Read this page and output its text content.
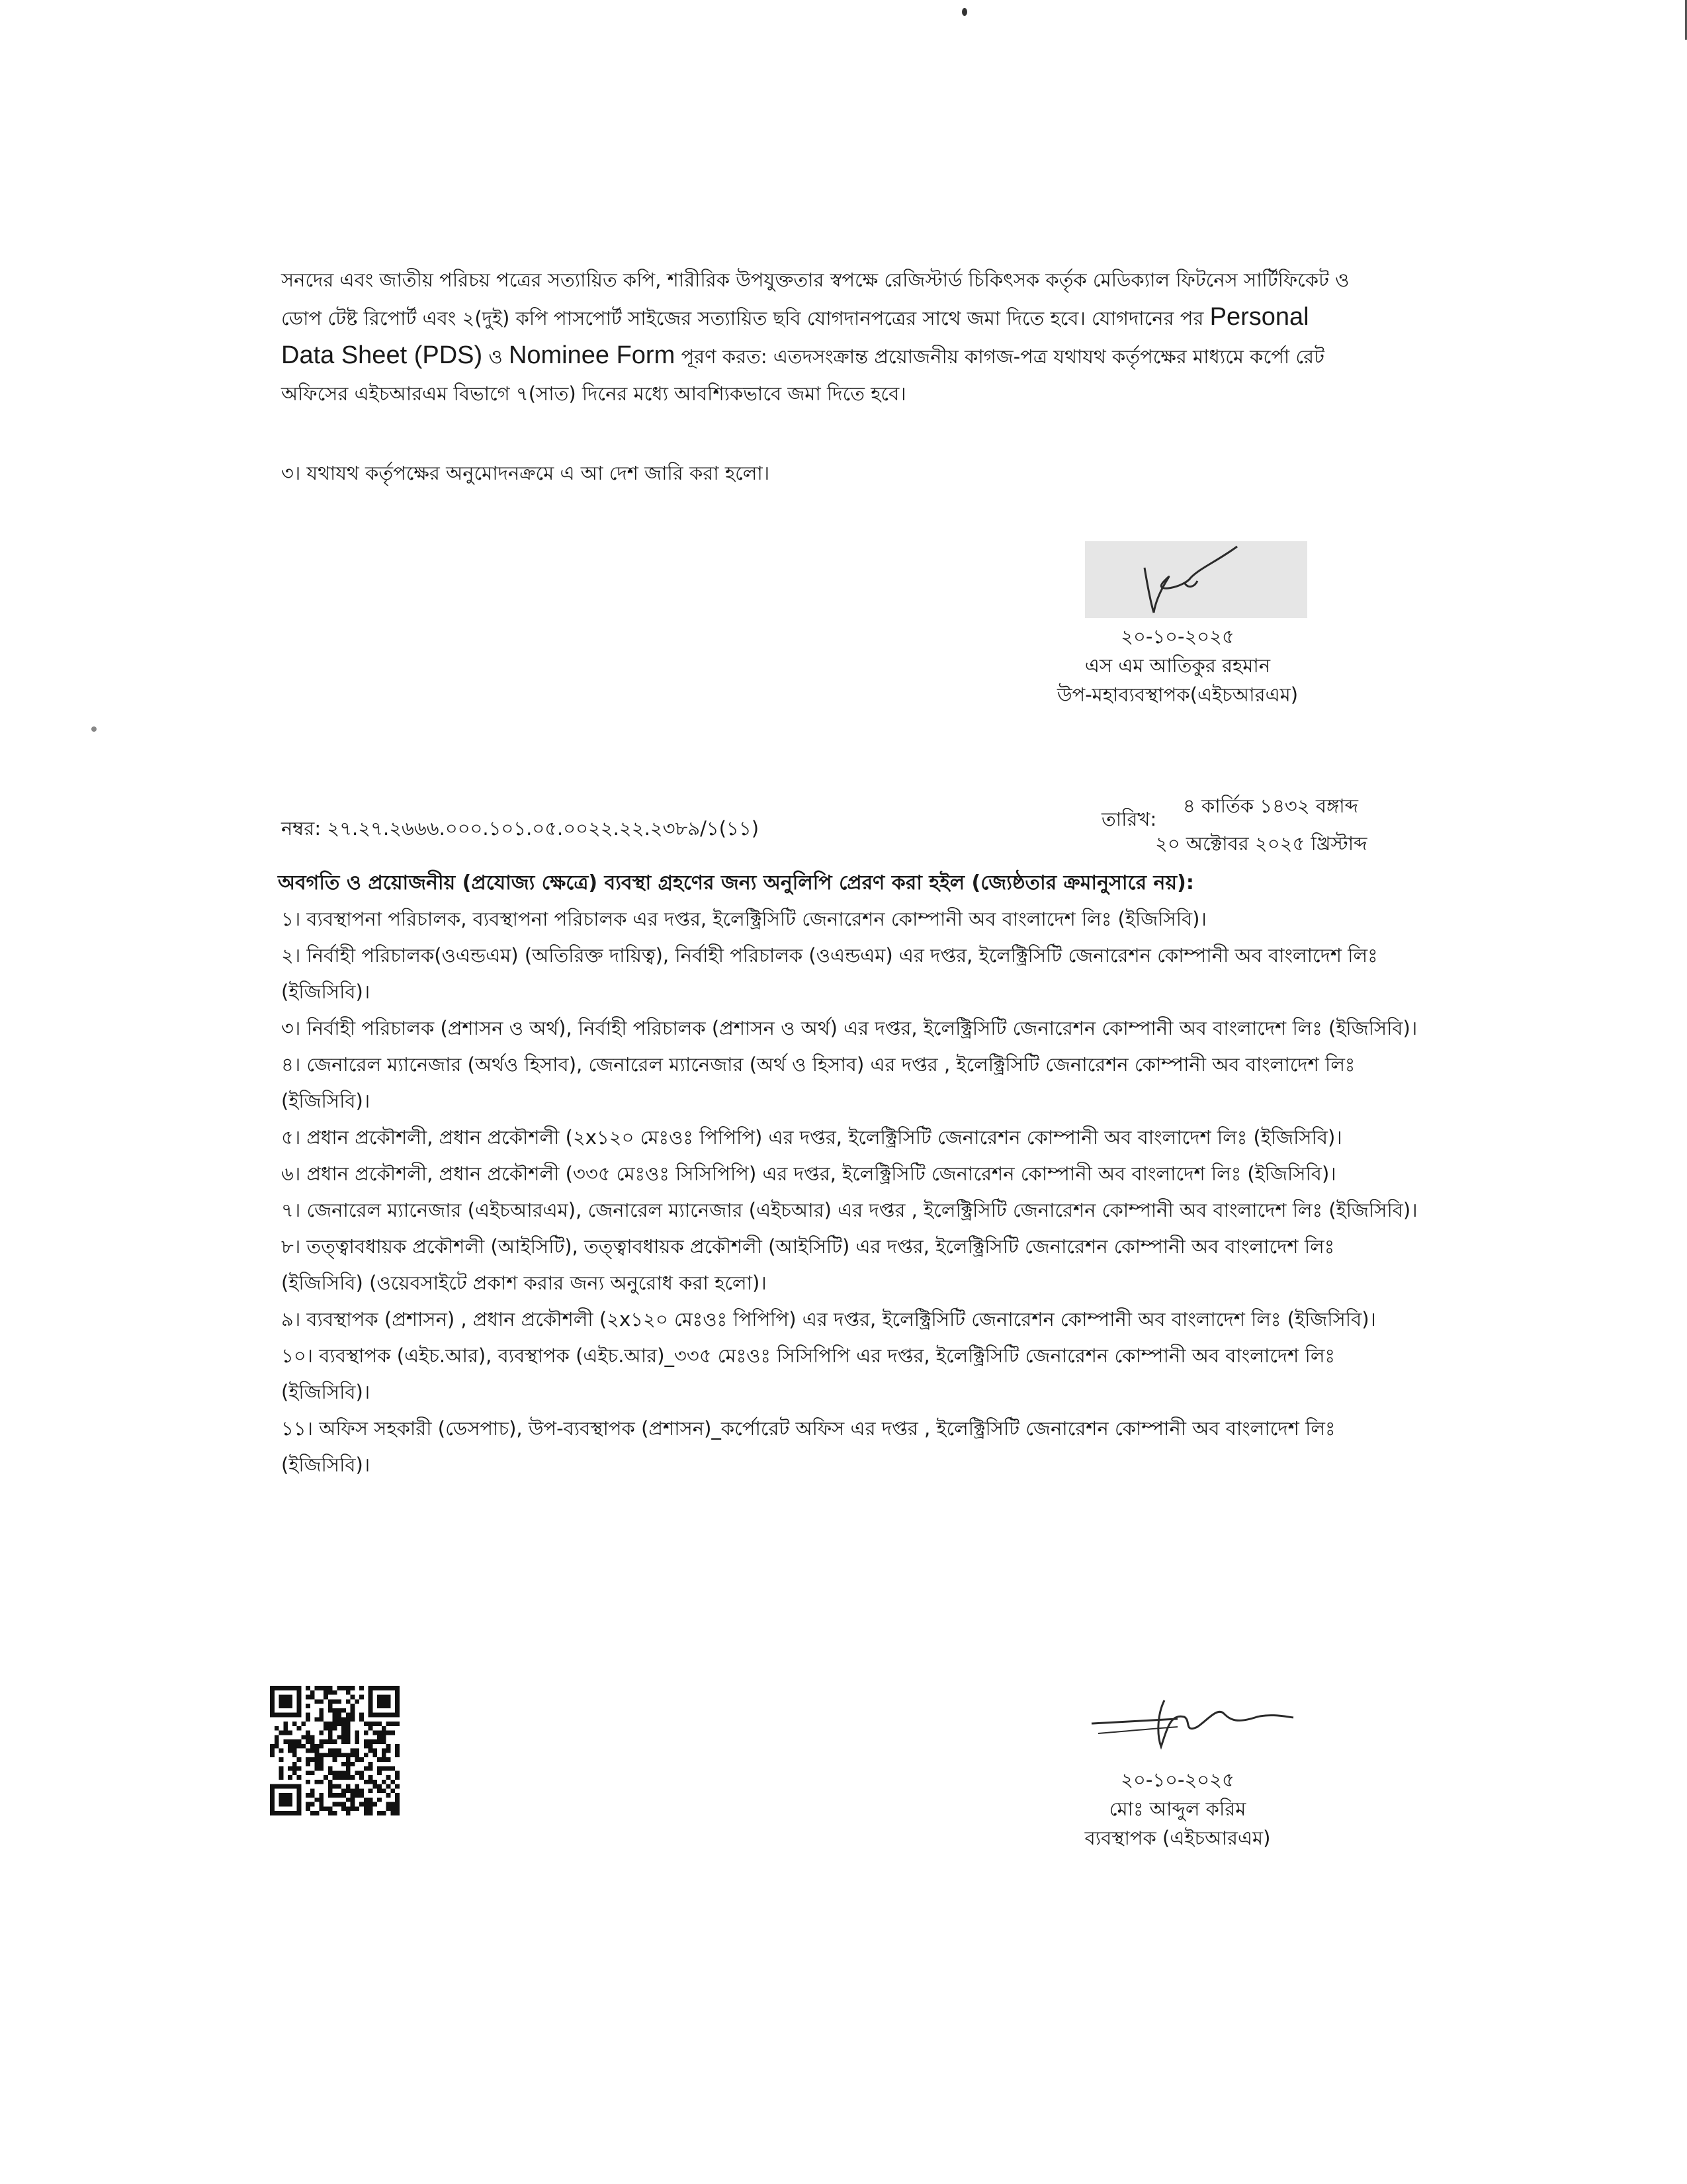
সনদের এবং জাতীয় পরিচয় পত্রের সত্যায়িত কপি, শারীরিক উপযুক্ততার স্বপক্ষে রেজিস্টার্ড চিকিৎসক কর্তৃক মেডিক্যাল ফিটনেস সার্টিফিকেট ও
ডোপ টেষ্ট রিপোর্ট এবং ২(দুই) কপি পাসপোর্ট সাইজের সত্যায়িত ছবি যোগদানপত্রের সাথে জমা দিতে হবে। যোগদানের পর Personal
Data Sheet (PDS) ও Nominee Form পূরণ করত: এতদসংক্রান্ত প্রয়োজনীয় কাগজ-পত্র যথাযথ কর্তৃপক্ষের মাধ্যমে কর্পো রেট
অফিসের এইচআরএম বিভাগে ৭(সাত) দিনের মধ্যে আবশ্যিকভাবে জমা দিতে হবে।
৩। যথাযথ কর্তৃপক্ষের অনুমোদনক্রমে এ আ দেশ জারি করা হলো।
২০-১০-২০২৫
এস এম আতিকুর রহমান
উপ-মহাব্যবস্থাপক(এইচআরএম)
নম্বর: ২৭.২৭.২৬৬৬.০০০.১০১.০৫.০০২২.২২.২৩৮৯/১(১১)	তারিখ:
৪ কার্তিক ১৪৩২ বঙ্গাব্দ
২০ অক্টোবর ২০২৫ খ্রিস্টাব্দ
অবগতি ও প্রয়োজনীয় (প্রযোজ্য ক্ষেত্রে) ব্যবস্থা গ্রহণের জন্য অনুলিপি প্রেরণ করা হইল (জ্যেষ্ঠতার ক্রমানুসারে নয়):
১। ব্যবস্থাপনা পরিচালক, ব্যবস্থাপনা পরিচালক এর দপ্তর, ইলেক্ট্রিসিটি জেনারেশন কোম্পানী অব বাংলাদেশ লিঃ (ইজিসিবি)।
২। নির্বাহী পরিচালক(ওএন্ডএম) (অতিরিক্ত দায়িত্ব), নির্বাহী পরিচালক (ওএন্ডএম) এর দপ্তর, ইলেক্ট্রিসিটি জেনারেশন কোম্পানী অব বাংলাদেশ লিঃ (ইজিসিবি)।
৩। নির্বাহী পরিচালক (প্রশাসন ও অর্থ), নির্বাহী পরিচালক (প্রশাসন ও অর্থ) এর দপ্তর, ইলেক্ট্রিসিটি জেনারেশন কোম্পানী অব বাংলাদেশ লিঃ (ইজিসিবি)।
৪। জেনারেল ম্যানেজার (অর্থও হিসাব), জেনারেল ম্যানেজার (অর্থ ও হিসাব) এর দপ্তর , ইলেক্ট্রিসিটি জেনারেশন কোম্পানী অব বাংলাদেশ লিঃ (ইজিসিবি)।
৫। প্রধান প্রকৌশলী, প্রধান প্রকৌশলী (২x১২০ মেঃওঃ পিপিপি) এর দপ্তর, ইলেক্ট্রিসিটি জেনারেশন কোম্পানী অব বাংলাদেশ লিঃ (ইজিসিবি)।
৬। প্রধান প্রকৌশলী, প্রধান প্রকৌশলী (৩৩৫ মেঃওঃ সিসিপিপি) এর দপ্তর, ইলেক্ট্রিসিটি জেনারেশন কোম্পানী অব বাংলাদেশ লিঃ (ইজিসিবি)।
৭। জেনারেল ম্যানেজার (এইচআরএম), জেনারেল ম্যানেজার (এইচআর) এর দপ্তর , ইলেক্ট্রিসিটি জেনারেশন কোম্পানী অব বাংলাদেশ লিঃ (ইজিসিবি)।
৮। তত্ত্বাবধায়ক প্রকৌশলী (আইসিটি), তত্ত্বাবধায়ক প্রকৌশলী (আইসিটি) এর দপ্তর, ইলেক্ট্রিসিটি জেনারেশন কোম্পানী অব বাংলাদেশ লিঃ (ইজিসিবি) (ওয়েবসাইটে প্রকাশ করার জন্য অনুরোধ করা হলো)।
৯। ব্যবস্থাপক (প্রশাসন) , প্রধান প্রকৌশলী (২x১২০ মেঃওঃ পিপিপি) এর দপ্তর, ইলেক্ট্রিসিটি জেনারেশন কোম্পানী অব বাংলাদেশ লিঃ (ইজিসিবি)।
১০। ব্যবস্থাপক (এইচ.আর), ব্যবস্থাপক (এইচ.আর)_৩৩৫ মেঃওঃ সিসিপিপি এর দপ্তর, ইলেক্ট্রিসিটি জেনারেশন কোম্পানী অব বাংলাদেশ লিঃ (ইজিসিবি)।
১১। অফিস সহকারী (ডেসপাচ), উপ-ব্যবস্থাপক (প্রশাসন)_কর্পোরেট অফিস এর দপ্তর , ইলেক্ট্রিসিটি জেনারেশন কোম্পানী অব বাংলাদেশ লিঃ (ইজিসিবি)।
২০-১০-২০২৫
মোঃ আব্দুল করিম
ব্যবস্থাপক (এইচআরএম)
